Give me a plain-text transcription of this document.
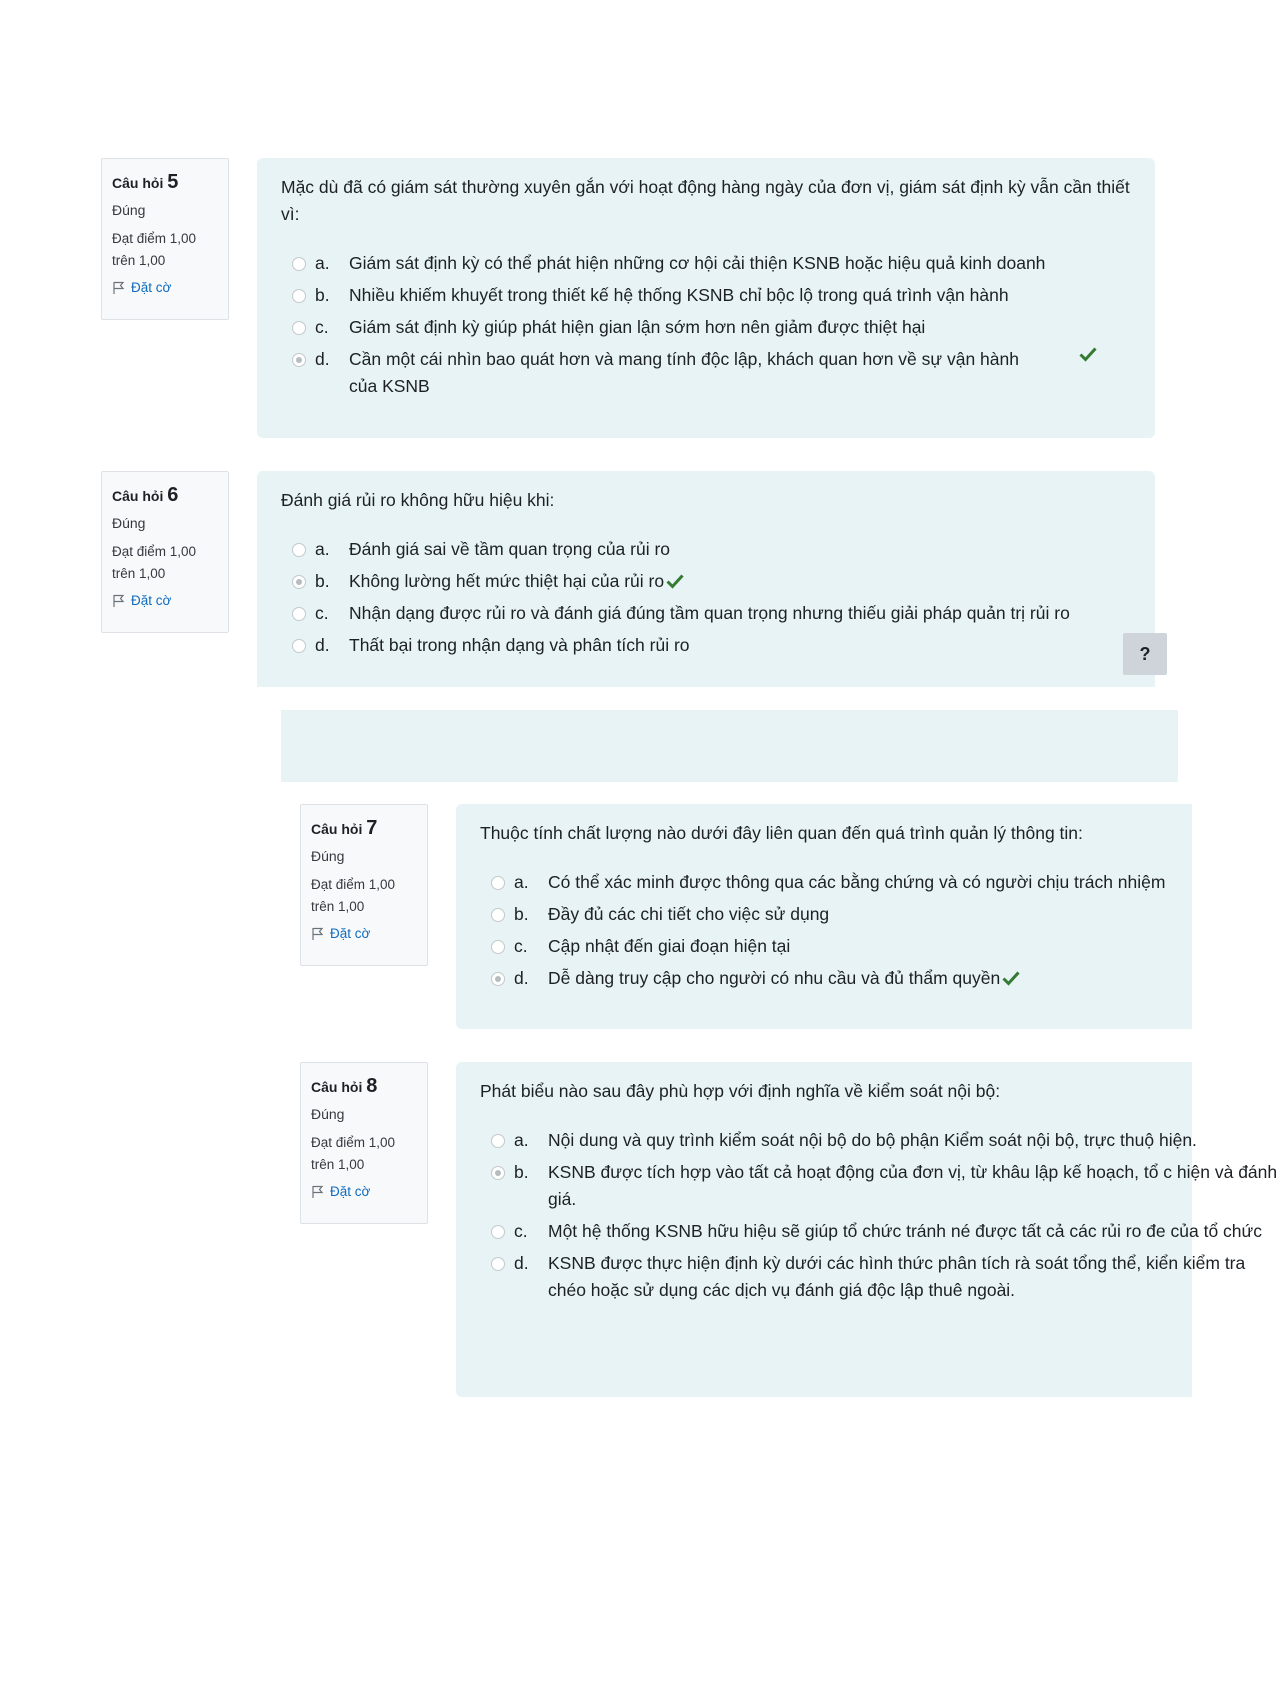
Câu hỏi 5
Đúng
Đạt điểm 1,00 trên 1,00
Đặt cờ
Mặc dù đã có giám sát thường xuyên gắn với hoạt động hàng ngày của đơn vị, giám sát định kỳ vẫn cần thiết vì:
a. Giám sát định kỳ có thể phát hiện những cơ hội cải thiện KSNB hoặc hiệu quả kinh doanh
b. Nhiều khiếm khuyết trong thiết kế hệ thống KSNB chỉ bộc lộ trong quá trình vận hành
c. Giám sát định kỳ giúp phát hiện gian lận sớm hơn nên giảm được thiệt hại
d. Cần một cái nhìn bao quát hơn và mang tính độc lập, khách quan hơn về sự vận hành của KSNB
Câu hỏi 6
Đúng
Đạt điểm 1,00 trên 1,00
Đặt cờ
Đánh giá rủi ro không hữu hiệu khi:
a. Đánh giá sai về tầm quan trọng của rủi ro
b. Không lường hết mức thiệt hại của rủi ro
c. Nhận dạng được rủi ro và đánh giá đúng tầm quan trọng nhưng thiếu giải pháp quản trị rủi ro
d. Thất bại trong nhận dạng và phân tích rủi ro	?
Câu hỏi 7
Đúng
Đạt điểm 1,00 trên 1,00
Đặt cờ
Thuộc tính chất lượng nào dưới đây liên quan đến quá trình quản lý thông tin:
a. Có thể xác minh được thông qua các bằng chứng và có người chịu trách nhiệm
b. Đầy đủ các chi tiết cho việc sử dụng
c. Cập nhật đến giai đoạn hiện tại
d. Dễ dàng truy cập cho người có nhu cầu và đủ thẩm quyền
Câu hỏi 8
Đúng
Đạt điểm 1,00 trên 1,00
Đặt cờ
Phát biểu nào sau đây phù hợp với định nghĩa về kiểm soát nội bộ:
a. Nội dung và quy trình kiểm soát nội bộ do bộ phận Kiểm soát nội bộ, trực thuộ hiện.
b. KSNB được tích hợp vào tất cả hoạt động của đơn vị, từ khâu lập kế hoạch, tổ c hiện và đánh giá.
c. Một hệ thống KSNB hữu hiệu sẽ giúp tổ chức tránh né được tất cả các rủi ro đe của tổ chức
d. KSNB được thực hiện định kỳ dưới các hình thức phân tích rà soát tổng thể, kiển kiểm tra chéo hoặc sử dụng các dịch vụ đánh giá độc lập thuê ngoài.
